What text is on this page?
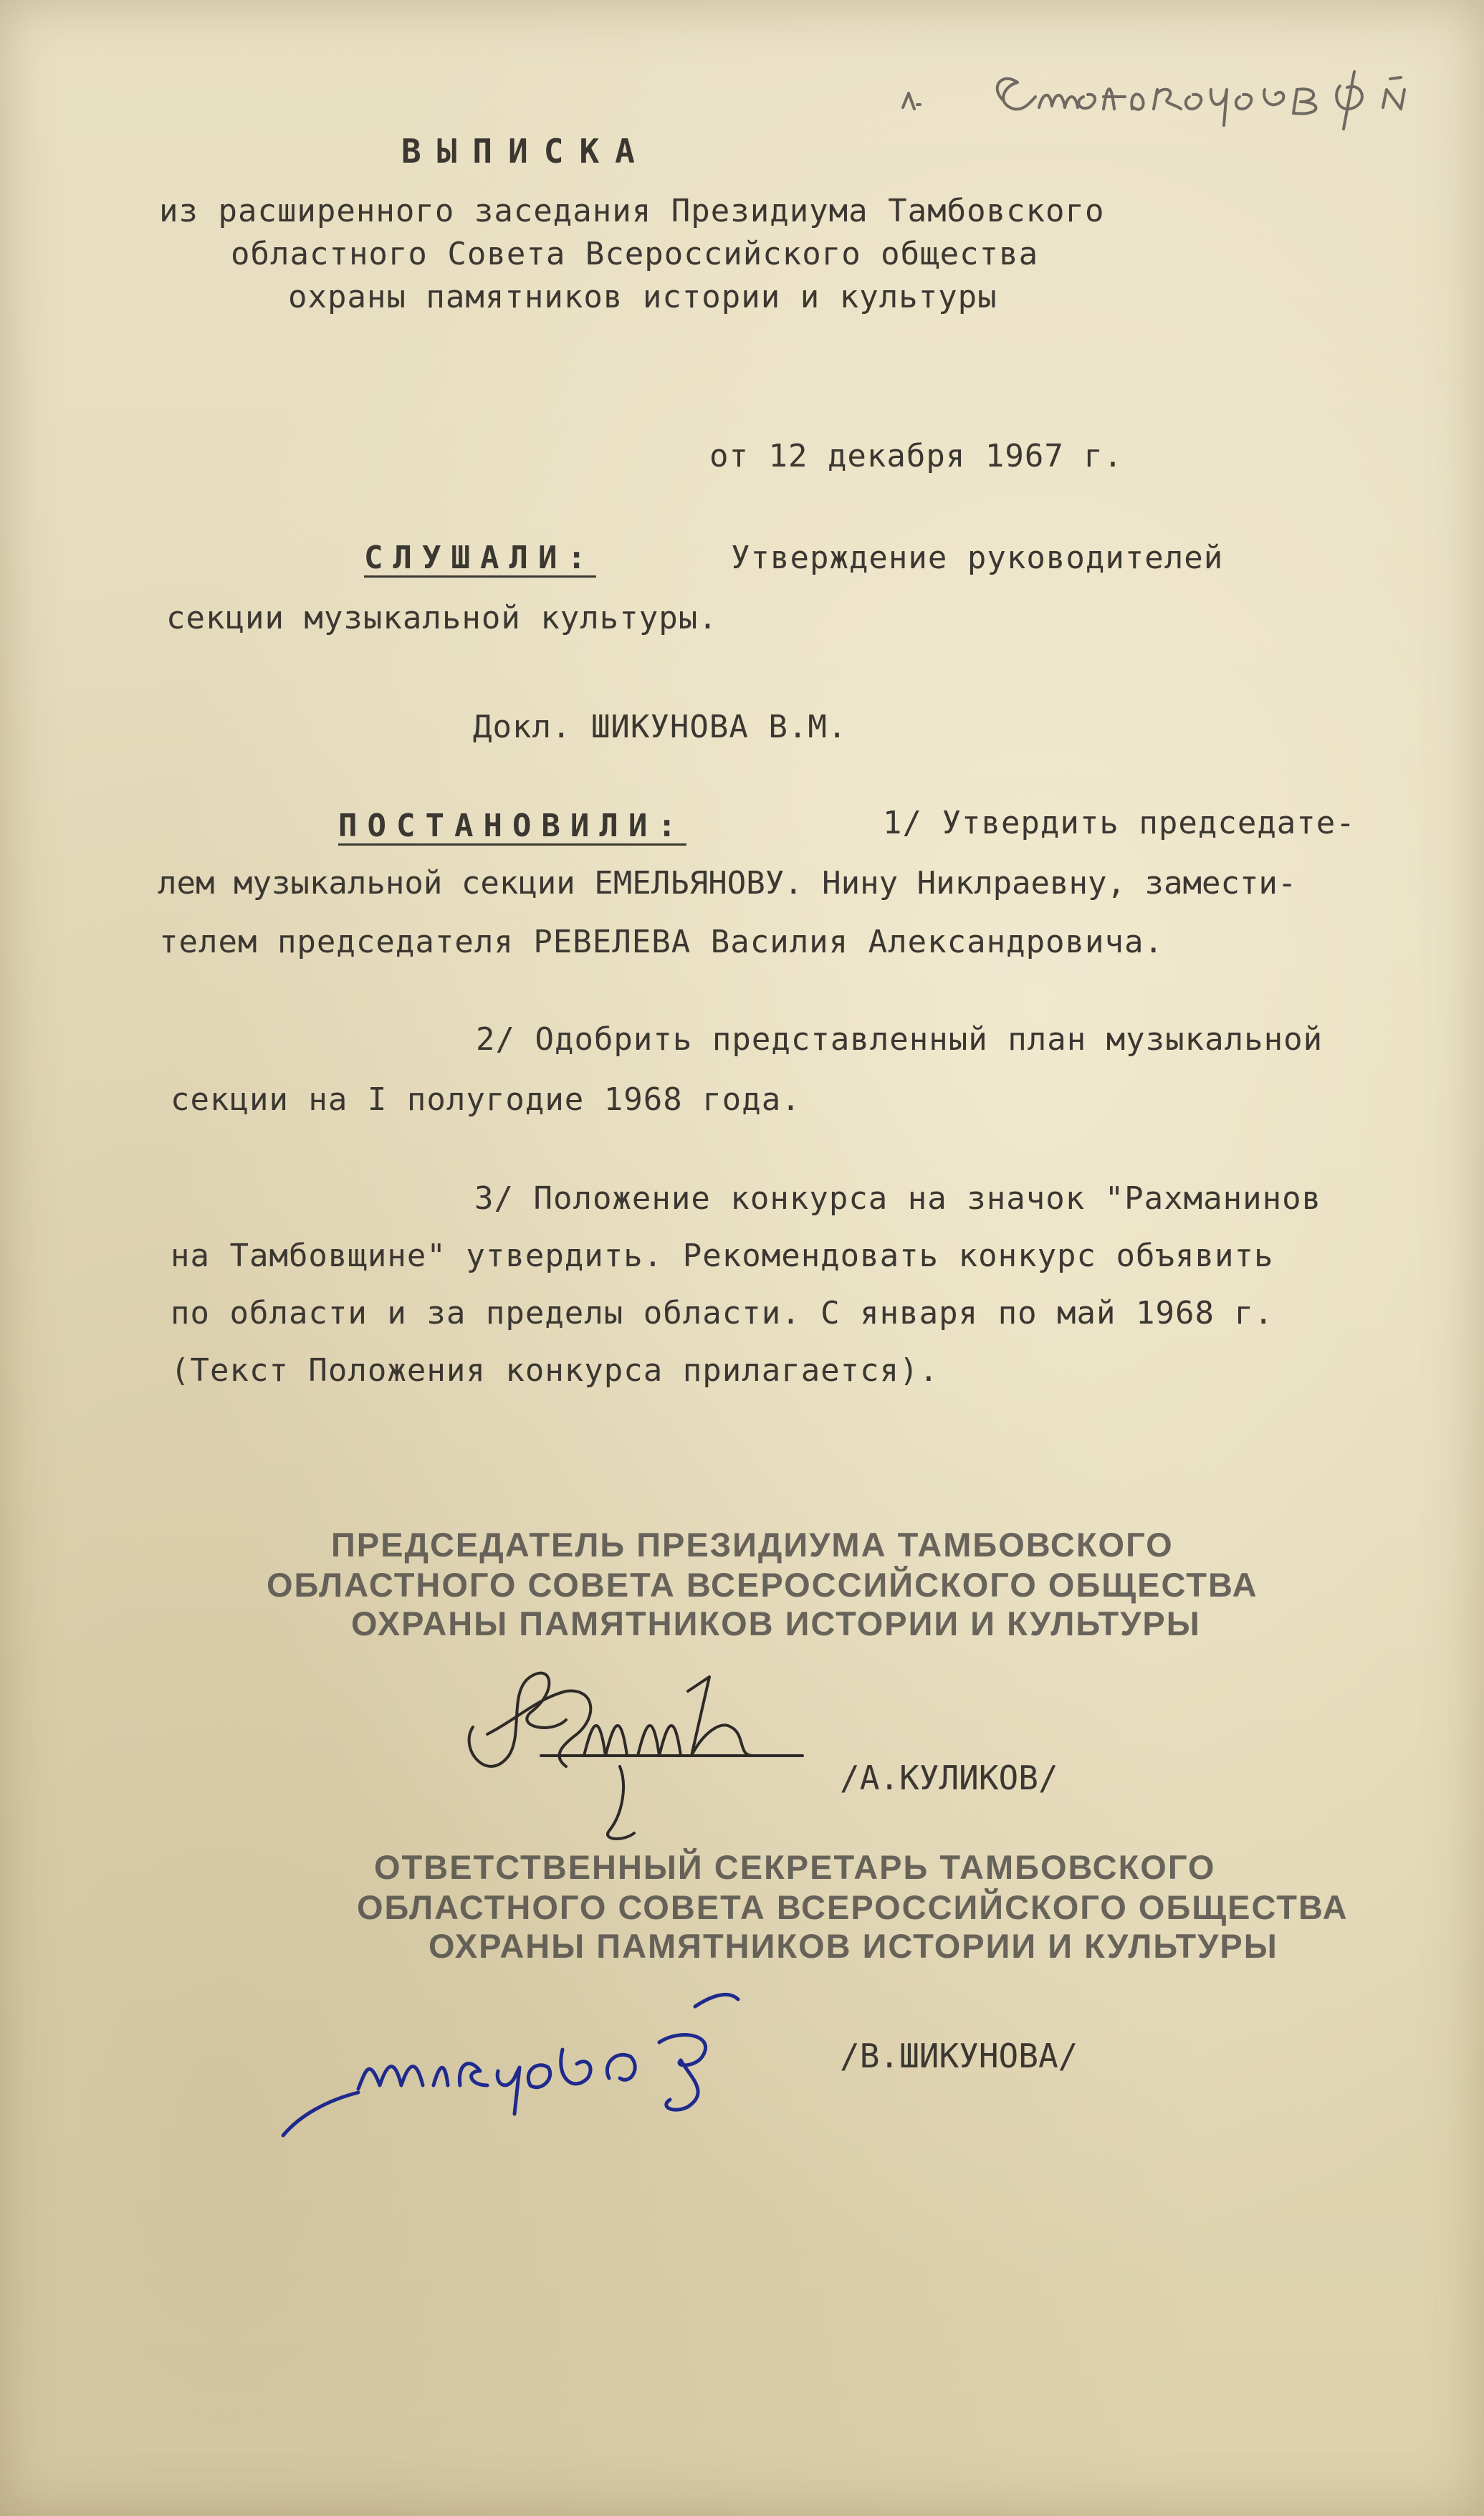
ВЫПИСКА
из расширенного заседания Президиума Тамбовского
областного Совета Всероссийского общества
охраны памятников истории и культуры
от 12 декабря 1967 г.
СЛУШАЛИ:	Утверждение руководителей
секции музыкальной культуры.
Докл. ШИКУНОВА В.М.
ПОСТАНОВИЛИ:	1/ Утвердить председате-
лем музыкальной секции ЕМЕЛЬЯНОВУ. Нину Никлраевну, замести-
телем председателя РЕВЕЛЕВА Василия Александровича.
2/ Одобрить представленный план музыкальной
секции на I полугодие 1968 года.
3/ Положение конкурса на значок "Рахманинов
на Тамбовщине" утвердить. Рекомендовать конкурс объявить
по области и за пределы области. С января по май 1968 г.
(Текст Положения конкурса прилагается).
ПРЕДСЕДАТЕЛЬ ПРЕЗИДИУМА ТАМБОВСКОГО
ОБЛАСТНОГО СОВЕТА ВСЕРОССИЙСКОГО ОБЩЕСТВА
ОХРАНЫ ПАМЯТНИКОВ ИСТОРИИ И КУЛЬТУРЫ
/А.КУЛИКОВ/
ОТВЕТСТВЕННЫЙ СЕКРЕТАРЬ ТАМБОВСКОГО
ОБЛАСТНОГО СОВЕТА ВСЕРОССИЙСКОГО ОБЩЕСТВА
ОХРАНЫ ПАМЯТНИКОВ ИСТОРИИ И КУЛЬТУРЫ
/В.ШИКУНОВА/
